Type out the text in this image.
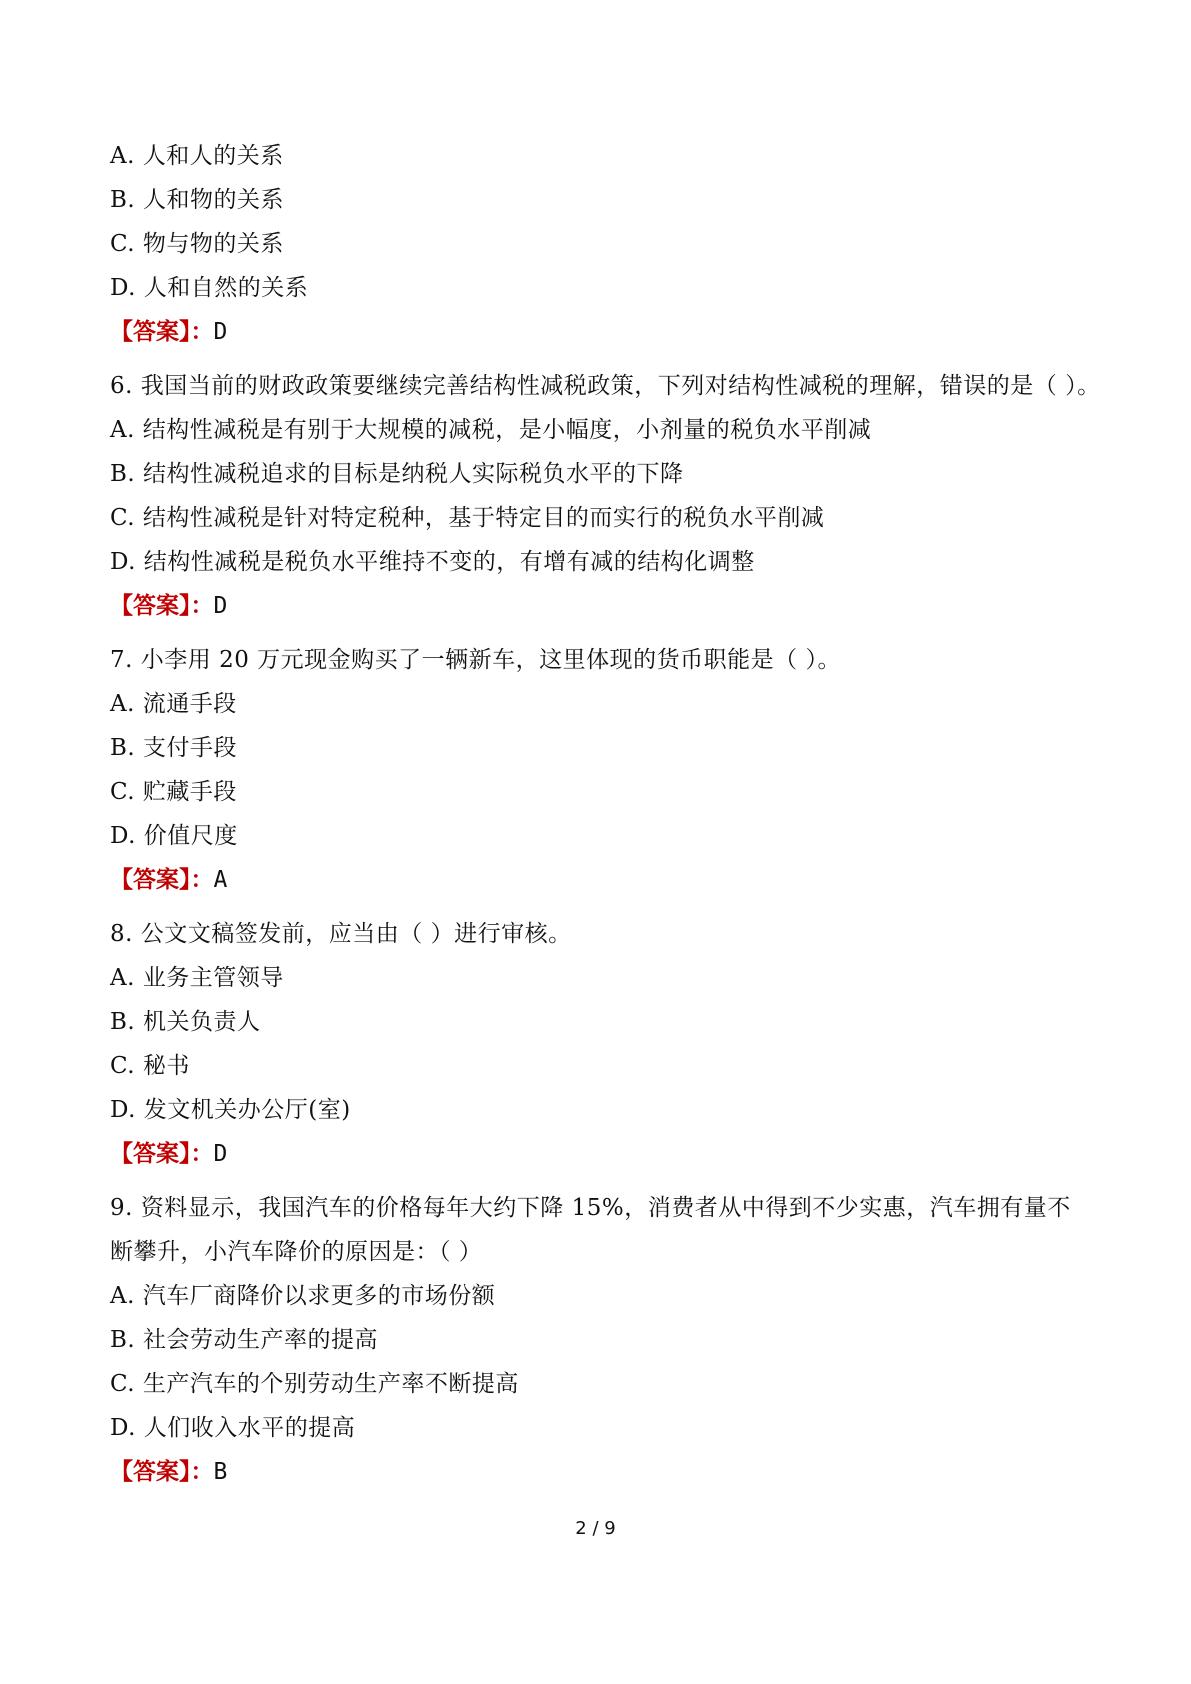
A. 人和人的关系
B. 人和物的关系
C. 物与物的关系
D. 人和自然的关系
【答案】：D
6. 我国当前的财政政策要继续完善结构性减税政策，下列对结构性减税的理解，错误的是（ ）。
A. 结构性减税是有别于大规模的减税，是小幅度，小剂量的税负水平削减
B. 结构性减税追求的目标是纳税人实际税负水平的下降
C. 结构性减税是针对特定税种，基于特定目的而实行的税负水平削减
D. 结构性减税是税负水平维持不变的，有增有减的结构化调整
【答案】：D
7. 小李用 20 万元现金购买了一辆新车，这里体现的货币职能是（ ）。
A. 流通手段
B. 支付手段
C. 贮藏手段
D. 价值尺度
【答案】：A
8. 公文文稿签发前，应当由（ ）进行审核。
A. 业务主管领导
B. 机关负责人
C. 秘书
D. 发文机关办公厅(室)
【答案】：D
9. 资料显示，我国汽车的价格每年大约下降 15%，消费者从中得到不少实惠，汽车拥有量不断攀升，小汽车降价的原因是：（ ）
A. 汽车厂商降价以求更多的市场份额
B. 社会劳动生产率的提高
C. 生产汽车的个别劳动生产率不断提高
D. 人们收入水平的提高
【答案】：B
2 / 9
